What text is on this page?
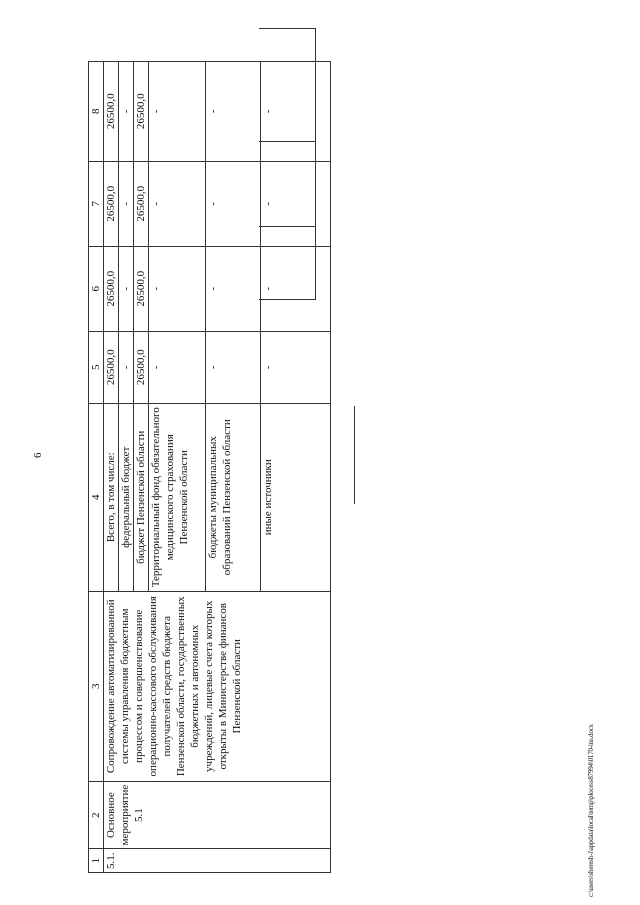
6
1	2	3	4	5	6	7	8
5.1.	Основное мероприятие 5.1	Сопровождение автоматизированной системы управления бюджетным процессом и совершенствование операционно-кассового обслуживания получателей средств бюджета Пензенской области, государственных бюджетных и автономных учреждений, лицевые счета которых открыты в Министерстве финансов Пензенской области	Всего, в том числе:	26500,0	26500,0	26500,0	26500,0
			федеральный бюджет	-	-	-	-
			бюджет Пензенской области	26500,0	26500,0	26500,0	26500,0
			Территориальный фонд обязательного медицинского страхования Пензенской области	-	-	-	-
			бюджеты муниципальных образований Пензенской области	-	-	-	-
			иные источники	-	-	-	-
c:\users\sheresh-i\appdata\local\temp\plocess87994\0170-ins.docx
